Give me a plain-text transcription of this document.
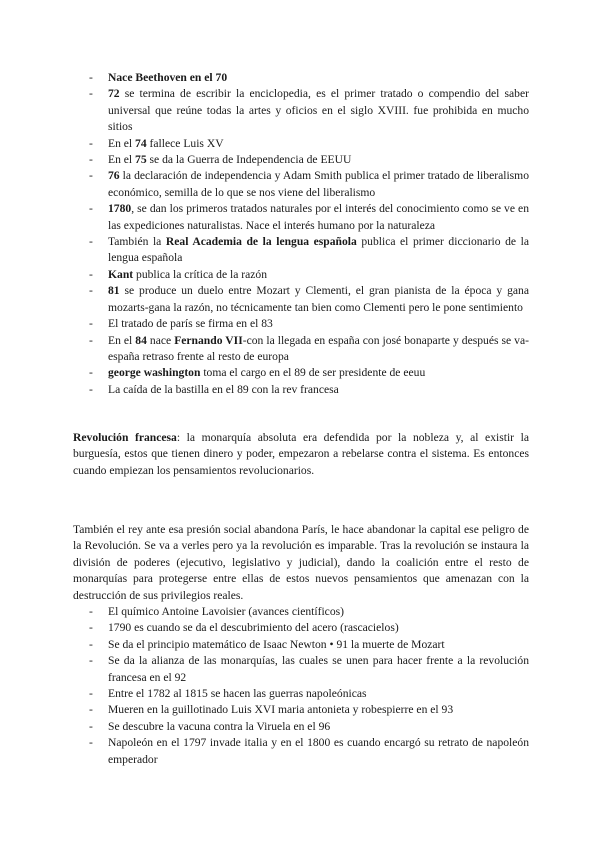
- Nace Beethoven en el 70
- 72 se termina de escribir la enciclopedia, es el primer tratado o compendio del saber universal que reúne todas la artes y oficios en el siglo XVIII. fue prohibida en mucho sitios
- En el 74 fallece Luis XV
- En el 75 se da la Guerra de Independencia de EEUU
- 76 la declaración de independencia y Adam Smith publica el primer tratado de liberalismo económico, semilla de lo que se nos viene del liberalismo
- 1780, se dan los primeros tratados naturales por el interés del conocimiento como se ve en las expediciones naturalistas. Nace el interés humano por la naturaleza
- También la Real Academia de la lengua española publica el primer diccionario de la lengua española
- Kant publica la crítica de la razón
- 81 se produce un duelo entre Mozart y Clementi, el gran pianista de la época y gana mozarts-gana la razón, no técnicamente tan bien como Clementi pero le pone sentimiento
- El tratado de parís se firma en el 83
- En el 84 nace Fernando VII-con la llegada en españa con josé bonaparte y después se va-españa retraso frente al resto de europa
- george washington toma el cargo en el 89 de ser presidente de eeuu
- La caída de la bastilla en el 89 con la rev francesa

Revolución francesa: la monarquía absoluta era defendida por la nobleza y, al existir la burguesía, estos que tienen dinero y poder, empezaron a rebelarse contra el sistema. Es entonces cuando empiezan los pensamientos revolucionarios.

También el rey ante esa presión social abandona París, le hace abandonar la capital ese peligro de la Revolución. Se va a verles pero ya la revolución es imparable. Tras la revolución se instaura la división de poderes (ejecutivo, legislativo y judicial), dando la coalición entre el resto de monarquías para protegerse entre ellas de estos nuevos pensamientos que amenazan con la destrucción de sus privilegios reales.

- El químico Antoine Lavoisier (avances científicos)
- 1790 es cuando se da el descubrimiento del acero (rascacielos)
- Se da el principio matemático de Isaac Newton • 91 la muerte de Mozart
- Se da la alianza de las monarquías, las cuales se unen para hacer frente a la revolución francesa en el 92
- Entre el 1782 al 1815 se hacen las guerras napoleónicas
- Mueren en la guillotinado Luis XVI maria antonieta y robespierre en el 93
- Se descubre la vacuna contra la Viruela en el 96
- Napoleón en el 1797 invade italia y en el 1800 es cuando encargó su retrato de napoleón emperador
